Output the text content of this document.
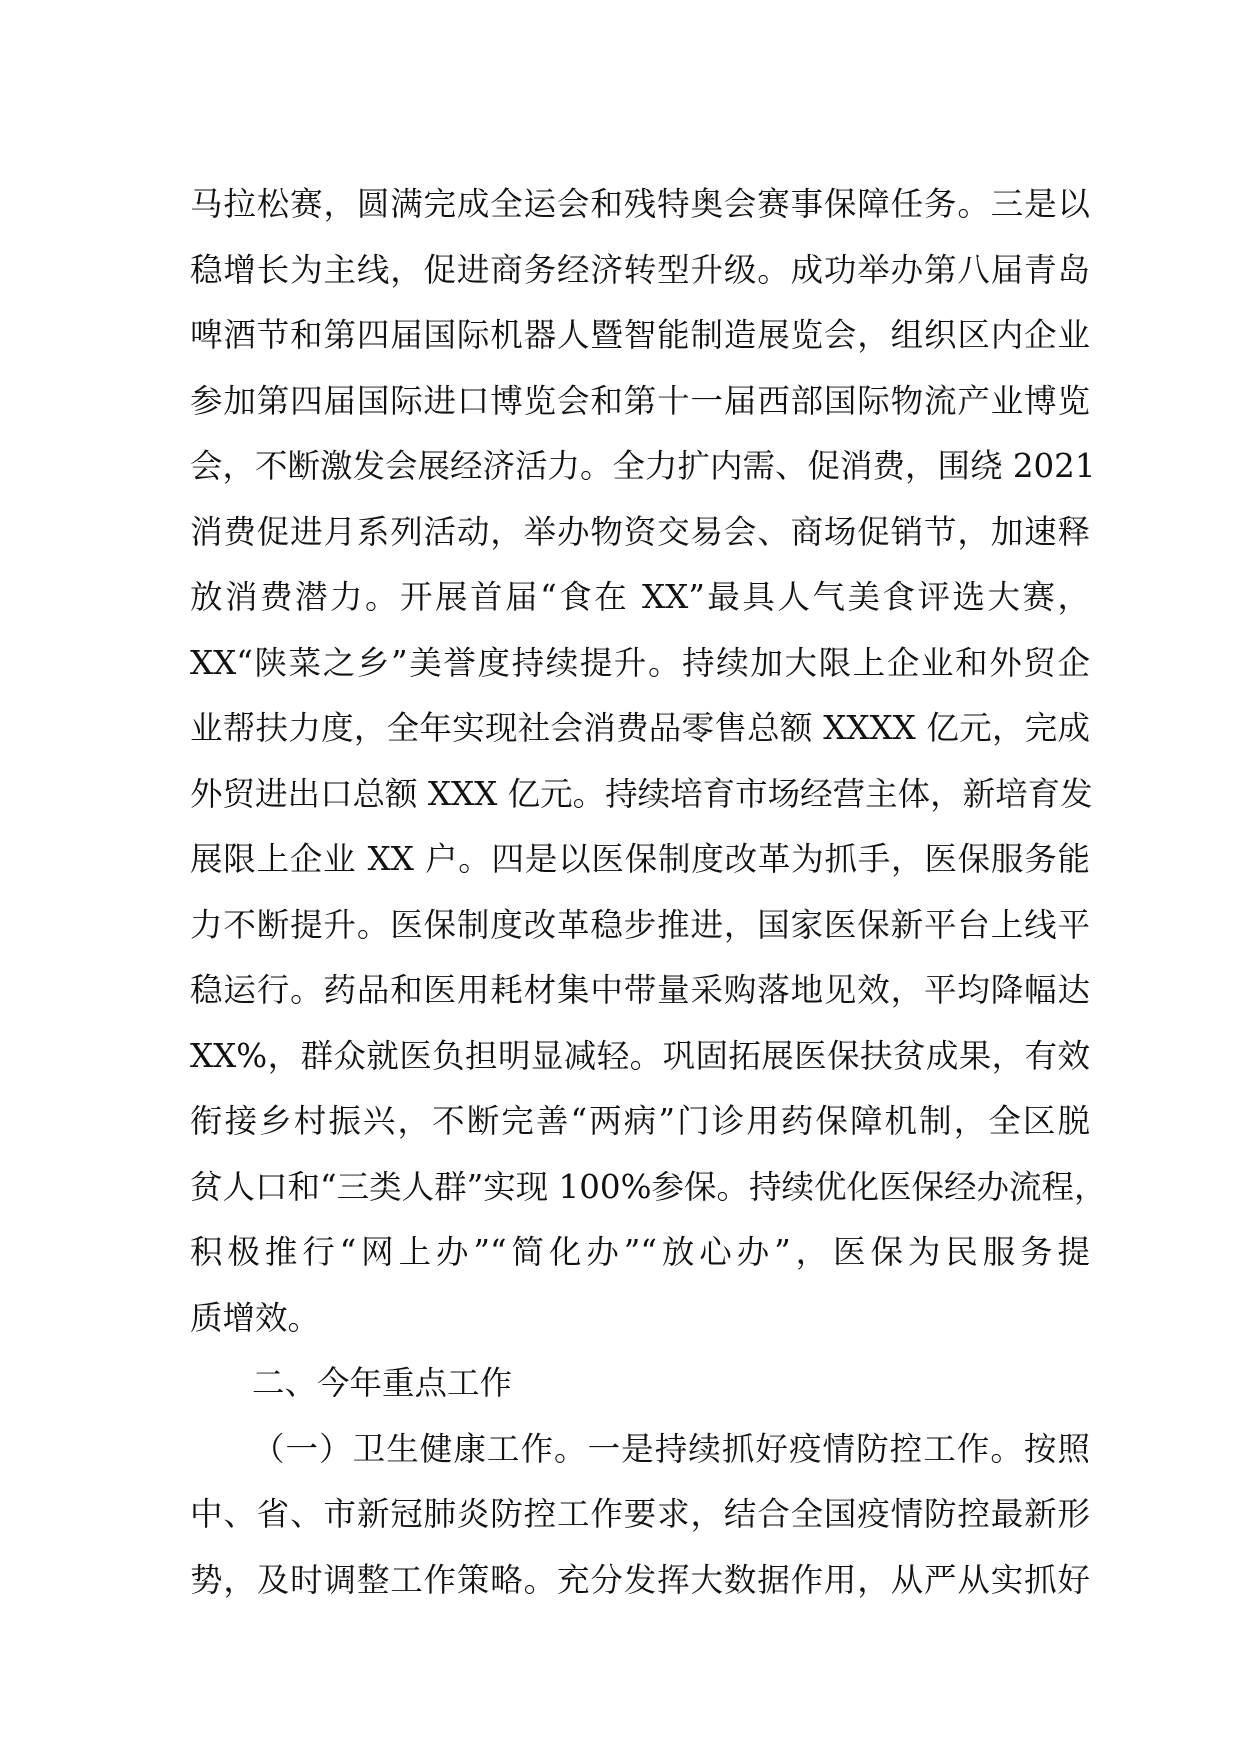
马拉松赛，圆满完成全运会和残特奥会赛事保障任务。三是以
稳增长为主线，促进商务经济转型升级。成功举办第八届青岛
啤酒节和第四届国际机器人暨智能制造展览会，组织区内企业
参加第四届国际进口博览会和第十一届西部国际物流产业博览
会，不断激发会展经济活力。全力扩内需、促消费，围绕 2021
消费促进月系列活动，举办物资交易会、商场促销节，加速释
放消费潜力。开展首届“食在 XX”最具人气美食评选大赛，
XX“陕菜之乡”美誉度持续提升。持续加大限上企业和外贸企
业帮扶力度，全年实现社会消费品零售总额 XXXX 亿元，完成
外贸进出口总额 XXX 亿元。持续培育市场经营主体，新培育发
展限上企业 XX 户。四是以医保制度改革为抓手，医保服务能
力不断提升。医保制度改革稳步推进，国家医保新平台上线平
稳运行。药品和医用耗材集中带量采购落地见效，平均降幅达
XX%，群众就医负担明显减轻。巩固拓展医保扶贫成果，有效
衔接乡村振兴，不断完善“两病”门诊用药保障机制，全区脱
贫人口和“三类人群”实现 100%参保。持续优化医保经办流程，
积极推行“网上办”“简化办”“放心办”，医保为民服务提
质增效。
二、今年重点工作
（一）卫生健康工作。一是持续抓好疫情防控工作。按照
中、省、市新冠肺炎防控工作要求，结合全国疫情防控最新形
势，及时调整工作策略。充分发挥大数据作用，从严从实抓好
